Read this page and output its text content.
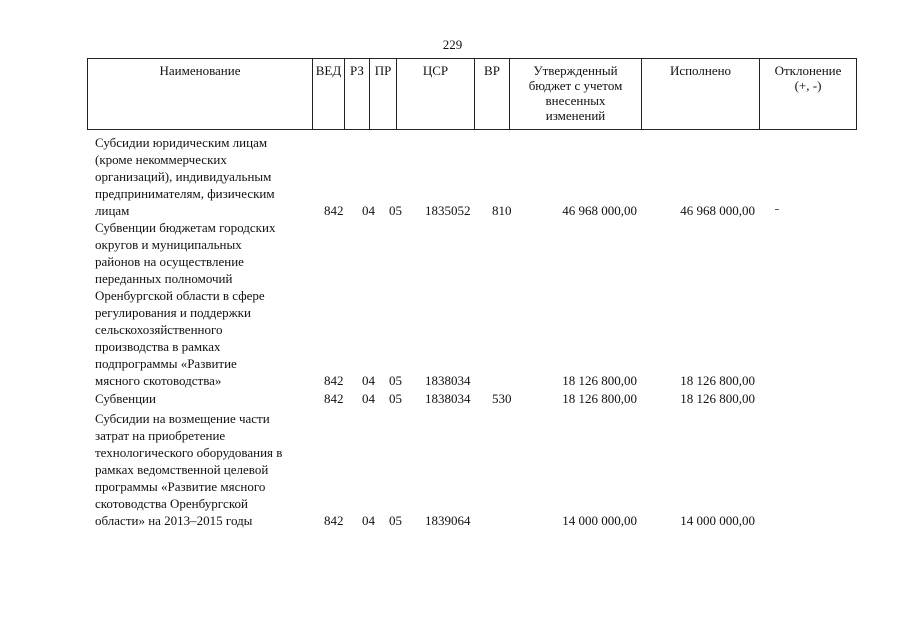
229
Наименование	ВЕД РЗ ПР	ЦСР	ВР	Утвержденный
бюджет с учетом
внесенных
изменений
Исполнено	Отклонение
(+, -)
Субсидии юридическим лицам
(кроме некоммерческих
организаций), индивидуальным
предпринимателям, физическим
лицам	842 04 05 1835052 810	46 968 000,00	46 968 000,00
Субвенции бюджетам городских
округов и муниципальных
районов на осуществление
переданных полномочий
Оренбургской области в сфере
регулирования и поддержки
сельскохозяйственного
производства в рамках
подпрограммы «Развитие
мясного скотоводства»	842 04 05 1838034	18 126 800,00	18 126 800,00
Субвенции	842 04 05 1838034 530	18 126 800,00	18 126 800,00
Субсидии на возмещение части
затрат на приобретение
технологического оборудования в
рамках ведомственной целевой
программы «Развитие мясного
скотоводства Оренбургской
области» на 2013–2015 годы	842 04 05 1839064	14 000 000,00	14 000 000,00
